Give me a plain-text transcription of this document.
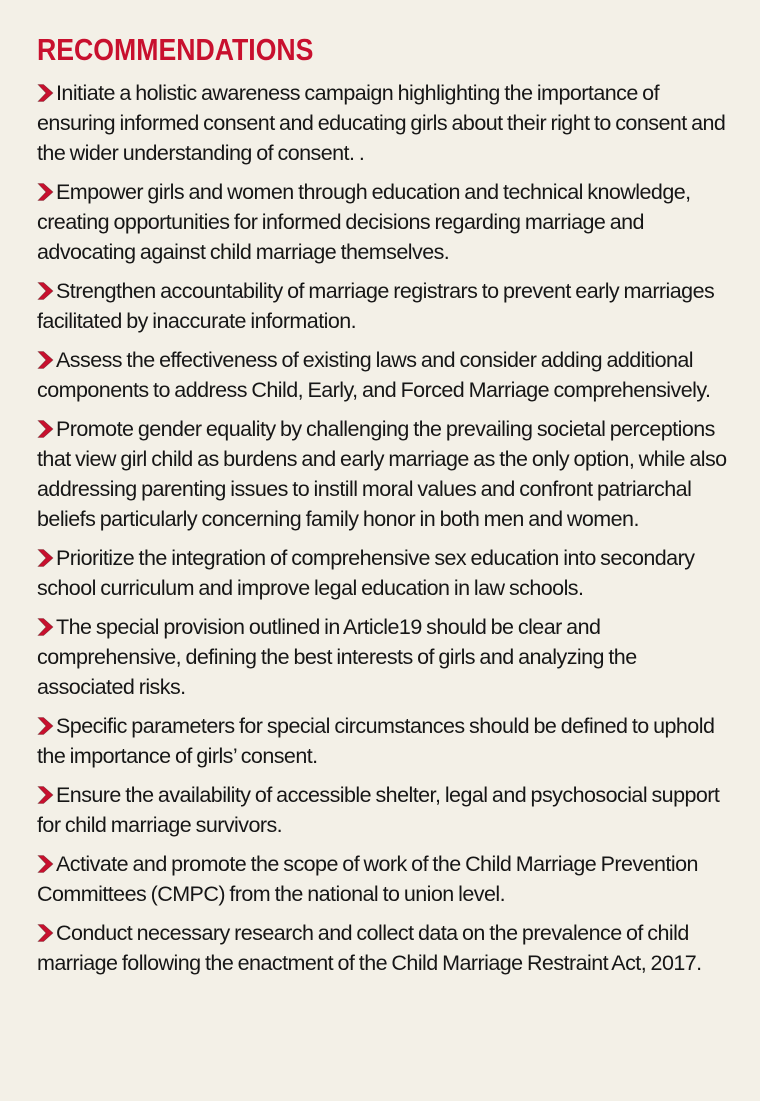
RECOMMENDATIONS
Initiate a holistic awareness campaign highlighting the importance of ensuring informed consent and educating girls about their right to consent and the wider understanding of consent. .
Empower girls and women through education and technical knowledge, creating opportunities for informed decisions regarding marriage and advocating against child marriage themselves.
Strengthen accountability of marriage registrars to prevent early marriages facilitated by inaccurate information.
Assess the effectiveness of existing laws and consider adding additional components to address Child, Early, and Forced Marriage comprehensively.
Promote gender equality by challenging the prevailing societal perceptions that view girl child as burdens and early marriage as the only option, while also addressing parenting issues to instill moral values and confront patriarchal beliefs particularly concerning family honor in both men and women.
Prioritize the integration of comprehensive sex education into secondary school curriculum and improve legal education in law schools.
The special provision outlined in Article19 should be clear and comprehensive, defining the best interests of girls and analyzing the associated risks.
Specific parameters for special circumstances should be defined to uphold the importance of girls’ consent.
Ensure the availability of accessible shelter, legal and psychosocial support for child marriage survivors.
Activate and promote the scope of work of the Child Marriage Prevention Committees (CMPC) from the national to union level.
Conduct necessary research and collect data on the prevalence of child marriage following the enactment of the Child Marriage Restraint Act, 2017.
